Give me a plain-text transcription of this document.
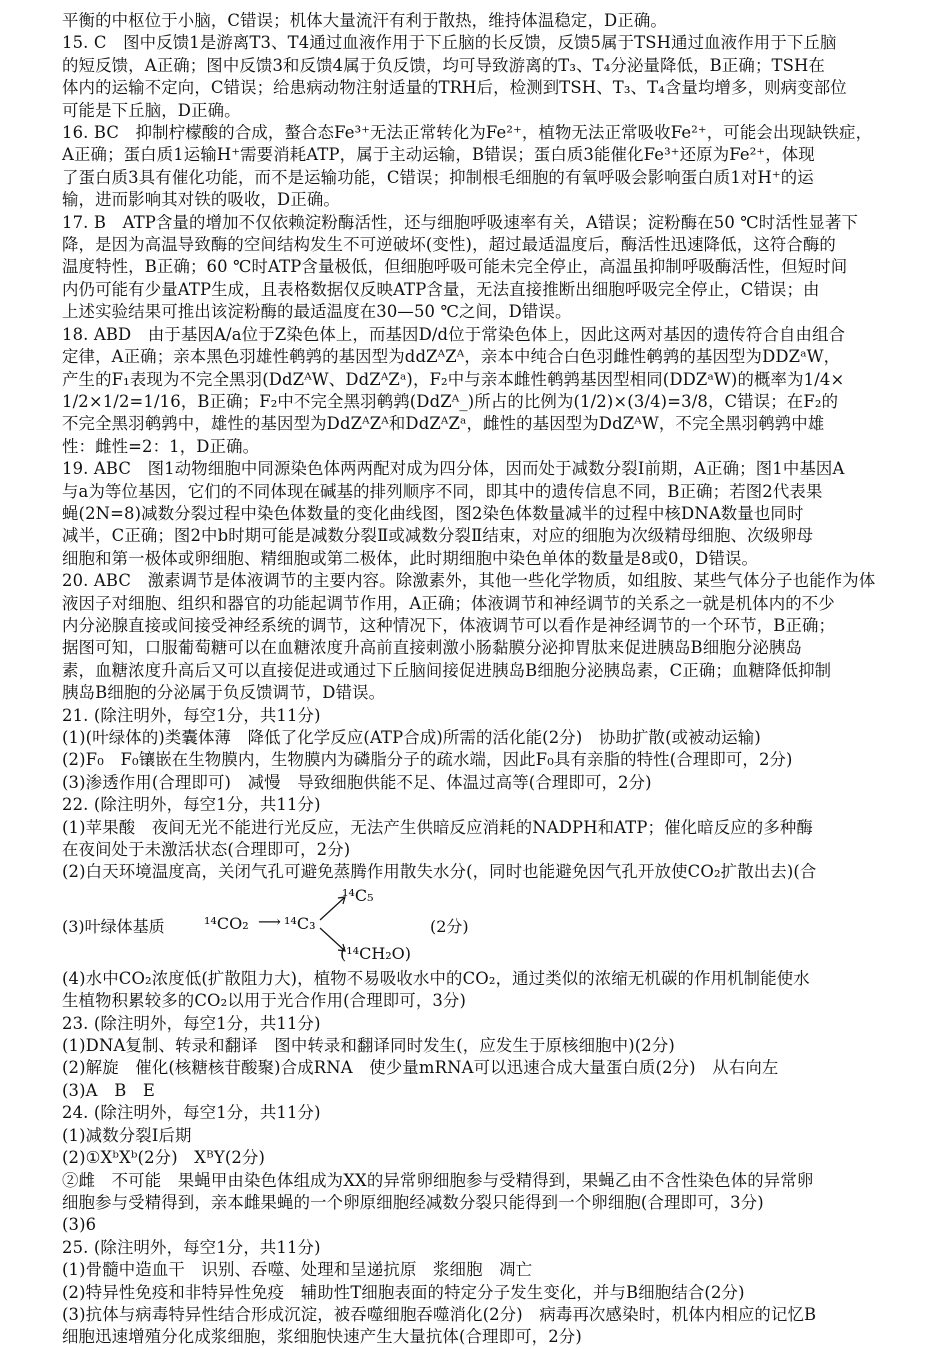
平衡的中枢位于小脑，C错误；机体大量流汗有利于散热，维持体温稳定，D正确。
15. C　图中反馈1是游离T3、T4通过血液作用于下丘脑的长反馈，反馈5属于TSH通过血液作用于下丘脑
的短反馈，A正确；图中反馈3和反馈4属于负反馈，均可导致游离的T₃、T₄分泌量降低，B正确；TSH在
体内的运输不定向，C错误；给患病动物注射适量的TRH后，检测到TSH、T₃、T₄含量均增多，则病变部位
可能是下丘脑，D正确。
16. BC　抑制柠檬酸的合成，螯合态Fe³⁺无法正常转化为Fe²⁺，植物无法正常吸收Fe²⁺，可能会出现缺铁症，
A正确；蛋白质1运输H⁺需要消耗ATP，属于主动运输，B错误；蛋白质3能催化Fe³⁺还原为Fe²⁺，体现
了蛋白质3具有催化功能，而不是运输功能，C错误；抑制根毛细胞的有氧呼吸会影响蛋白质1对H⁺的运
输，进而影响其对铁的吸收，D正确。
17. B　ATP含量的增加不仅依赖淀粉酶活性，还与细胞呼吸速率有关，A错误；淀粉酶在50 ℃时活性显著下
降，是因为高温导致酶的空间结构发生不可逆破坏(变性)，超过最适温度后，酶活性迅速降低，这符合酶的
温度特性，B正确；60 ℃时ATP含量极低，但细胞呼吸可能未完全停止，高温虽抑制呼吸酶活性，但短时间
内仍可能有少量ATP生成，且表格数据仅反映ATP含量，无法直接推断出细胞呼吸完全停止，C错误；由
上述实验结果可推出该淀粉酶的最适温度在30—50 ℃之间，D错误。
18. ABD　由于基因A/a位于Z染色体上，而基因D/d位于常染色体上，因此这两对基因的遗传符合自由组合
定律，A正确；亲本黑色羽雄性鹌鹑的基因型为ddZᴬZᴬ，亲本中纯合白色羽雌性鹌鹑的基因型为DDZᵃW，
产生的F₁表现为不完全黑羽(DdZᴬW、DdZᴬZᵃ)，F₂中与亲本雌性鹌鹑基因型相同(DDZᵃW)的概率为1/4×
1/2×1/2=1/16，B正确；F₂中不完全黑羽鹌鹑(DdZᴬ_)所占的比例为(1/2)×(3/4)=3/8，C错误；在F₂的
不完全黑羽鹌鹑中，雄性的基因型为DdZᴬZᴬ和DdZᴬZᵃ，雌性的基因型为DdZᴬW，不完全黑羽鹌鹑中雄
性：雌性=2：1，D正确。
19. ABC　图1动物细胞中同源染色体两两配对成为四分体，因而处于减数分裂Ⅰ前期，A正确；图1中基因A
与a为等位基因，它们的不同体现在碱基的排列顺序不同，即其中的遗传信息不同，B正确；若图2代表果
蝇(2N=8)减数分裂过程中染色体数量的变化曲线图，图2染色体数量减半的过程中核DNA数量也同时
减半，C正确；图2中b时期可能是减数分裂Ⅱ或减数分裂Ⅱ结束，对应的细胞为次级精母细胞、次级卵母
细胞和第一极体或卵细胞、精细胞或第二极体，此时期细胞中染色单体的数量是8或0，D错误。
20. ABC　激素调节是体液调节的主要内容。除激素外，其他一些化学物质，如组胺、某些气体分子也能作为体
液因子对细胞、组织和器官的功能起调节作用，A正确；体液调节和神经调节的关系之一就是机体内的不少
内分泌腺直接或间接受神经系统的调节，这种情况下，体液调节可以看作是神经调节的一个环节，B正确；
据图可知，口服葡萄糖可以在血糖浓度升高前直接刺激小肠黏膜分泌抑胃肽来促进胰岛B细胞分泌胰岛
素，血糖浓度升高后又可以直接促进或通过下丘脑间接促进胰岛B细胞分泌胰岛素，C正确；血糖降低抑制
胰岛B细胞的分泌属于负反馈调节，D错误。
21. (除注明外，每空1分，共11分)
(1)(叶绿体的)类囊体薄　降低了化学反应(ATP合成)所需的活化能(2分)　协助扩散(或被动运输)
(2)F₀　F₀镶嵌在生物膜内，生物膜内为磷脂分子的疏水端，因此F₀具有亲脂的特性(合理即可，2分)
(3)渗透作用(合理即可)　减慢　导致细胞供能不足、体温过高等(合理即可，2分)
22. (除注明外，每空1分，共11分)
(1)苹果酸　夜间无光不能进行光反应，无法产生供暗反应消耗的NADPH和ATP；催化暗反应的多种酶
在夜间处于未激活状态(合理即可，2分)
(2)白天环境温度高，关闭气孔可避免蒸腾作用散失水分(，同时也能避免因气孔开放使CO₂扩散出去)(合
(3)叶绿体基质 ¹⁴CO₂ ⟶ ¹⁴C₃
¹⁴C₅
(¹⁴CH₂O)
(2分)
(4)水中CO₂浓度低(扩散阻力大)，植物不易吸收水中的CO₂，通过类似的浓缩无机碳的作用机制能使水
生植物积累较多的CO₂以用于光合作用(合理即可，3分)
23. (除注明外，每空1分，共11分)
(1)DNA复制、转录和翻译　图中转录和翻译同时发生(，应发生于原核细胞中)(2分)
(2)解旋　催化(核糖核苷酸聚)合成RNA　使少量mRNA可以迅速合成大量蛋白质(2分)　从右向左
(3)A　B　E
24. (除注明外，每空1分，共11分)
(1)减数分裂Ⅰ后期
(2)①XᵇXᵇ(2分)　XᴮY(2分)
②雌　不可能　果蝇甲由染色体组成为XX的异常卵细胞参与受精得到，果蝇乙由不含性染色体的异常卵
细胞参与受精得到，亲本雌果蝇的一个卵原细胞经减数分裂只能得到一个卵细胞(合理即可，3分)
(3)6
25. (除注明外，每空1分，共11分)
(1)骨髓中造血干　识别、吞噬、处理和呈递抗原　浆细胞　凋亡
(2)特异性免疫和非特异性免疫　辅助性T细胞表面的特定分子发生变化，并与B细胞结合(2分)
(3)抗体与病毒特异性结合形成沉淀，被吞噬细胞吞噬消化(2分)　病毒再次感染时，机体内相应的记忆B
细胞迅速增殖分化成浆细胞，浆细胞快速产生大量抗体(合理即可，2分)
